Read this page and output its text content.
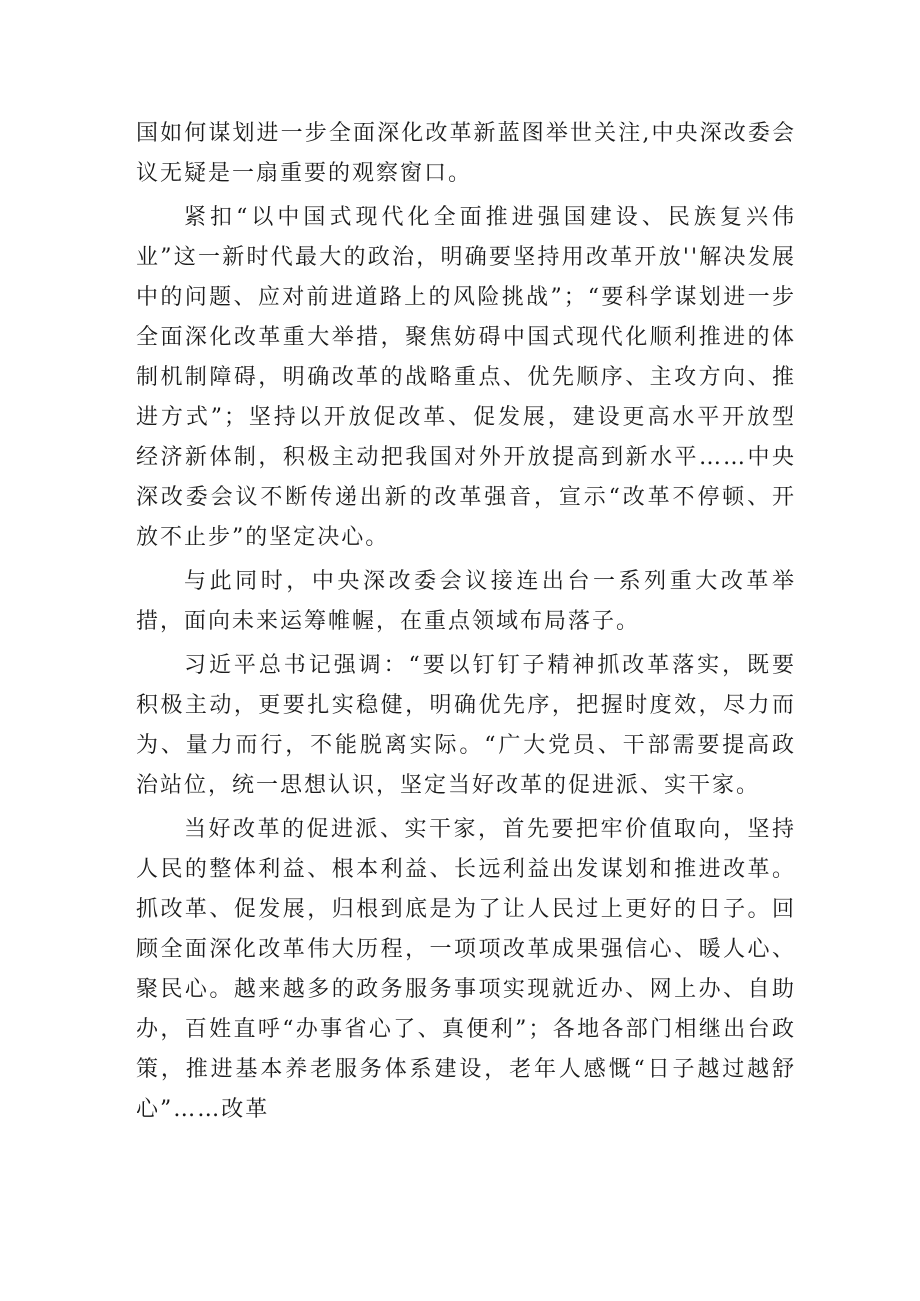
国如何谋划进一步全面深化改革新蓝图举世关注,中央深改委会议无疑是一扇重要的观察窗口。

紧扣“以中国式现代化全面推进强国建设、民族复兴伟业”这一新时代最大的政治，明确要坚持用改革开放''解决发展中的问题、应对前进道路上的风险挑战”；“要科学谋划进一步全面深化改革重大举措，聚焦妨碍中国式现代化顺利推进的体制机制障碍，明确改革的战略重点、优先顺序、主攻方向、推进方式”；坚持以开放促改革、促发展，建设更高水平开放型经济新体制，积极主动把我国对外开放提高到新水平……中央深改委会议不断传递出新的改革强音，宣示“改革不停顿、开放不止步”的坚定决心。

与此同时，中央深改委会议接连出台一系列重大改革举措，面向未来运筹帷幄，在重点领域布局落子。

习近平总书记强调：“要以钉钉子精神抓改革落实，既要积极主动，更要扎实稳健，明确优先序，把握时度效，尽力而为、量力而行，不能脱离实际。“广大党员、干部需要提高政治站位，统一思想认识，坚定当好改革的促进派、实干家。

当好改革的促进派、实干家，首先要把牢价值取向，坚持人民的整体利益、根本利益、长远利益出发谋划和推进改革。抓改革、促发展，归根到底是为了让人民过上更好的日子。回顾全面深化改革伟大历程，一项项改革成果强信心、暖人心、聚民心。越来越多的政务服务事项实现就近办、网上办、自助办，百姓直呼“办事省心了、真便利”；各地各部门相继出台政策，推进基本养老服务体系建设，老年人感慨“日子越过越舒心”……改革
